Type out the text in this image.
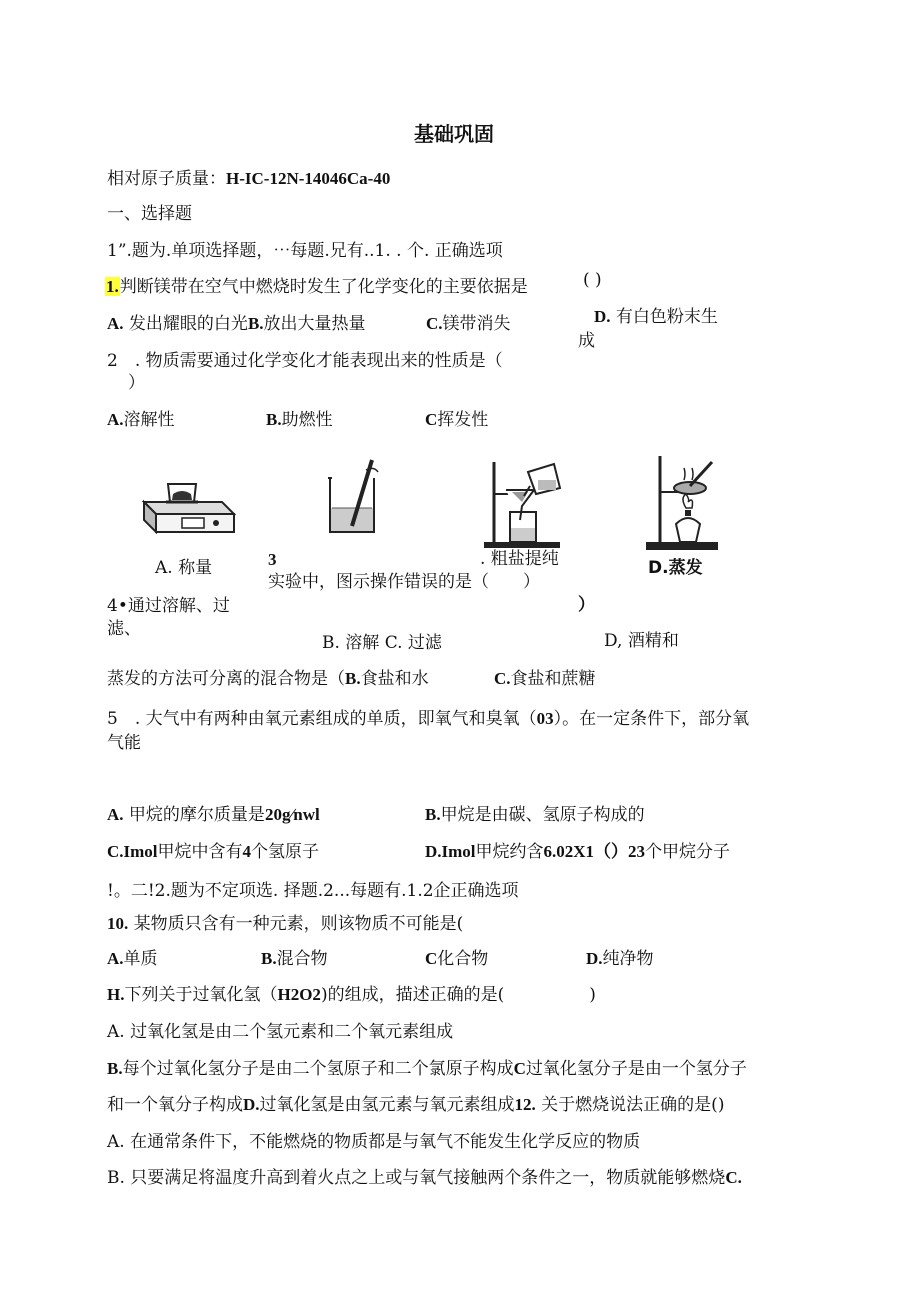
基础巩固
相对原子质量：H-IC-12N-14046Ca-40
一、选择题
1”.题为.单项选择题，⋯每题.兄有..1. . 个. 正确选项
1.判断镁带在空气中燃烧时发生了化学变化的主要依据是	( )
A. 发出耀眼的白光B.放出大量热量	C.镁带消失	D. 有白色粉末生
成
2　. 物质需要通过化学变化才能表现出来的性质是（
）
A.溶解性	B.助燃性	C挥发性
A. 称量	3	. 粗盐提纯	D.蒸发
实验中，图示操作错误的是（　　）
4•通过溶解、过
滤、
）
B. 溶解 C. 过滤	D, 酒精和
蒸发的方法可分离的混合物是（B.食盐和水	C.食盐和蔗糖
5　. 大气中有两种由氧元素组成的单质，即氧气和臭氧（03）。在一定条件下，部分氧
气能
A. 甲烷的摩尔质量是20g∕nwl	B.甲烷是由碳、氢原子构成的
C.Imol甲烷中含有4个氢原子	D.Imol甲烷约含6.02X1（）23个甲烷分子
!。二!2.题为不定项选. 择题.2...每题有.1.2企正确选项
10. 某物质只含有一种元素，则该物质不可能是(
A.单质	B.混合物	C化合物	D.纯净物
H.下列关于过氧化氢（H2O2)的组成，描述正确的是(　　　　　)
A. 过氧化氢是由二个氢元素和二个氧元素组成
B.每个过氧化氢分子是由二个氢原子和二个氯原子构成C过氧化氢分子是由一个氢分子
和一个氧分子构成D.过氧化氢是由氢元素与氧元素组成12. 关于燃烧说法正确的是()
A. 在通常条件下，不能燃烧的物质都是与氧气不能发生化学反应的物质
B. 只要满足将温度升高到着火点之上或与氧气接触两个条件之一，物质就能够燃烧C.
